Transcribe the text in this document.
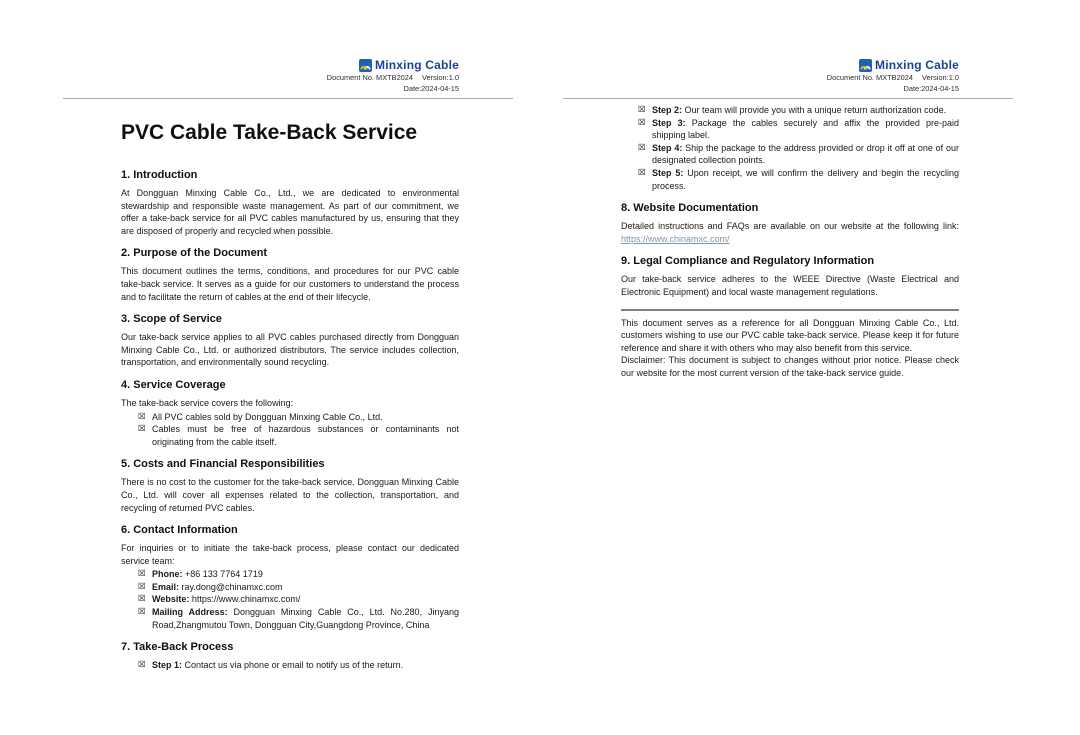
Minxing Cable
Document No. MXTB2024 Version:1.0
Date:2024-04-15
PVC Cable Take-Back Service
1. Introduction

At Dongguan Minxing Cable Co., Ltd., we are dedicated to environmental stewardship and responsible waste management. As part of our commitment, we offer a take-back service for all PVC cables manufactured by us, ensuring that they are disposed of properly and recycled when possible.

2. Purpose of the Document

This document outlines the terms, conditions, and procedures for our PVC cable take-back service. It serves as a guide for our customers to understand the process and to facilitate the return of cables at the end of their lifecycle.

3. Scope of Service

Our take-back service applies to all PVC cables purchased directly from Dongguan Minxing Cable Co., Ltd. or authorized distributors. The service includes collection, transportation, and environmentally sound recycling.

4. Service Coverage

The take-back service covers the following:

☒ All PVC cables sold by Dongguan Minxing Cable Co., Ltd.

☒ Cables must be free of hazardous substances or contaminants not originating from the cable itself.

5. Costs and Financial Responsibilities

There is no cost to the customer for the take-back service. Dongguan Minxing Cable Co., Ltd. will cover all expenses related to the collection, transportation, and recycling of returned PVC cables.

6. Contact Information

For inquiries or to initiate the take-back process, please contact our dedicated service team:

☒ Phone: +86 133 7764 1719

☒ Email: ray.dong@chinamxc.com

☒ Website: https://www.chinamxc.com/

☒ Mailing Address: Dongguan Minxing Cable Co., Ltd. No.280, Jinyang Road,Zhangmutou Town, Dongguan City,Guangdong Province, China

7. Take-Back Process
☒ Step 1: Contact us via phone or email to notify us of the return.

Minxing Cable
Document No. MXTB2024 Version:1.0
Date:2024-04-15
☒ Step 2: Our team will provide you with a unique return authorization code.

☒ Step 3: Package the cables securely and affix the provided pre-paid shipping label.

☒ Step 4: Ship the package to the address provided or drop it off at one of our designated collection points.

☒ Step 5: Upon receipt, we will confirm the delivery and begin the recycling process.

8. Website Documentation

Detailed instructions and FAQs are available on our website at the following link: https://www.chinamxc.com/

9. Legal Compliance and Regulatory Information

Our take-back service adheres to the WEEE Directive (Waste Electrical and Electronic Equipment) and local waste management regulations.

This document serves as a reference for all Dongguan Minxing Cable Co., Ltd. customers wishing to use our PVC cable take-back service. Please keep it for future reference and share it with others who may also benefit from this service.

Disclaimer: This document is subject to changes without prior notice. Please check our website for the most current version of the take-back service guide.
